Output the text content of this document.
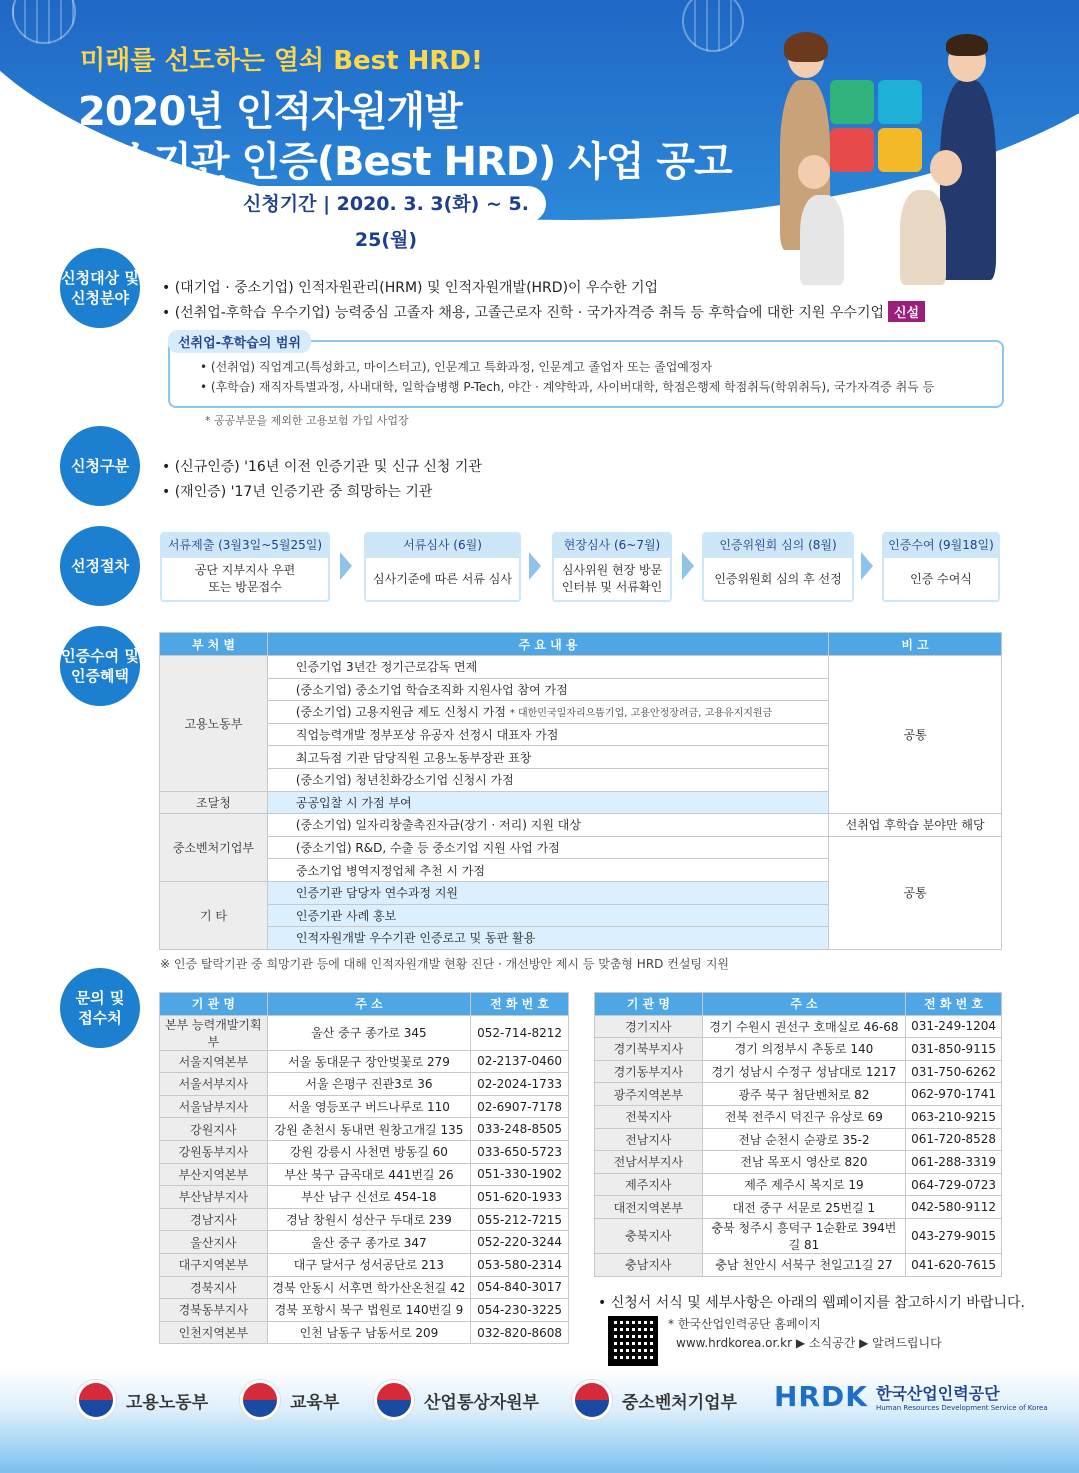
미래를 선도하는 열쇠 Best HRD!
2020년 인적자원개발
우수기관 인증(Best HRD) 사업 공고
신청기간 | 2020. 3. 3(화) ~ 5. 25(월)
신청대상 및
신청분야
• (대기업 · 중소기업) 인적자원관리(HRM) 및 인적자원개발(HRD)이 우수한 기업
• (선취업-후학습 우수기업) 능력중심 고졸자 채용, 고졸근로자 진학 · 국가자격증 취득 등 후학습에 대한 지원 우수기업 신설
선취업-후학습의 범위
• (선취업) 직업계고(특성화고, 마이스터고), 인문계고 특화과정, 인문계고 졸업자 또는 졸업예정자
• (후학습) 재직자특별과정, 사내대학, 일학습병행 P-Tech, 야간 · 계약학과, 사이버대학, 학점은행제 학점취득(학위취득), 국가자격증 취득 등
* 공공부문을 제외한 고용보험 가입 사업장
신청구분 • (신규인증) '16년 이전 인증기관 및 신규 신청 기관
• (재인증) '17년 인증기관 중 희망하는 기관
선정절차
서류제출 (3월3일~5월25일)
공단 지부지사 우편
또는 방문접수
서류심사 (6월)
심사기준에 따른 서류 심사
현장심사 (6~7월)
심사위원 현장 방문
인터뷰 및 서류확인
인증위원회 심의 (8월)
인증위원회 심의 후 선정
인증수여 (9월18일)
인증 수여식
인증수여 및
인증혜택
부 처 별	주 요 내 용	비 고
고용노동부	인증기업 3년간 정기근로감독 면제	공통
	(중소기업) 중소기업 학습조직화 지원사업 참여 가점	
	(중소기업) 고용지원금 제도 신청시 가점 * 대한민국일자리으뜸기업, 고용안정장려금, 고용유지지원금	
	직업능력개발 정부포상 유공자 선정시 대표자 가점	
	최고득점 기관 담당직원 고용노동부장관 표창	
	(중소기업) 청년친화강소기업 신청시 가점	
조달청	공공입찰 시 가점 부여	
중소벤처기업부	(중소기업) 일자리창출촉진자금(장기 · 저리) 지원 대상	선취업 후학습 분야만 해당
	(중소기업) R&D, 수출 등 중소기업 지원 사업 가점	공통
	중소기업 병역지정업체 추천 시 가점	
기 타	인증기관 담당자 연수과정 지원	
	인증기관 사례 홍보	
	인적자원개발 우수기관 인증로고 및 동판 활용	
※ 인증 탈락기관 중 희망기관 등에 대해 인적자원개발 현황 진단 · 개선방안 제시 등 맞춤형 HRD 컨설팅 지원
문의 및
접수처
기 관 명	주 소	전 화 번 호
본부 능력개발기획부	울산 중구 종가로 345	052-714-8212
서울지역본부	서울 동대문구 장안벚꽃로 279	02-2137-0460
서울서부지사	서울 은평구 진관3로 36	02-2024-1733
서울남부지사	서울 영등포구 버드나루로 110	02-6907-7178
강원지사	강원 춘천시 동내면 원창고개길 135	033-248-8505
강원동부지사	강원 강릉시 사천면 방동길 60	033-650-5723
부산지역본부	부산 북구 금곡대로 441번길 26	051-330-1902
부산남부지사	부산 남구 신선로 454-18	051-620-1933
경남지사	경남 창원시 성산구 두대로 239	055-212-7215
울산지사	울산 중구 종가로 347	052-220-3244
대구지역본부	대구 달서구 성서공단로 213	053-580-2314
경북지사	경북 안동시 서후면 학가산온천길 42	054-840-3017
경북동부지사	경북 포항시 북구 법원로 140번길 9	054-230-3225
인천지역본부	인천 남동구 남동서로 209	032-820-8608
기 관 명	주 소	전 화 번 호
경기지사	경기 수원시 권선구 호매실로 46-68	031-249-1204
경기북부지사	경기 의정부시 추동로 140	031-850-9115
경기동부지사	경기 성남시 수정구 성남대로 1217	031-750-6262
광주지역본부	광주 북구 첨단벤처로 82	062-970-1741
전북지사	전북 전주시 덕진구 유상로 69	063-210-9215
전남지사	전남 순천시 순광로 35-2	061-720-8528
전남서부지사	전남 목포시 영산로 820	061-288-3319
제주지사	제주 제주시 복지로 19	064-729-0723
대전지역본부	대전 중구 서문로 25번길 1	042-580-9112
충북지사	충북 청주시 흥덕구 1순환로 394번길 81	043-279-9015
충남지사	충남 천안시 서북구 천일고1길 27	041-620-7615
• 신청서 서식 및 세부사항은 아래의 웹페이지를 참고하시기 바랍니다.
* 한국산업인력공단 홈페이지
www.hrdkorea.or.kr ▶ 소식공간 ▶ 알려드립니다
고용노동부	교육부	산업통상자원부	중소벤처기업부 HRDK 한국산업인력공단
Human Resources Development Service of Korea
